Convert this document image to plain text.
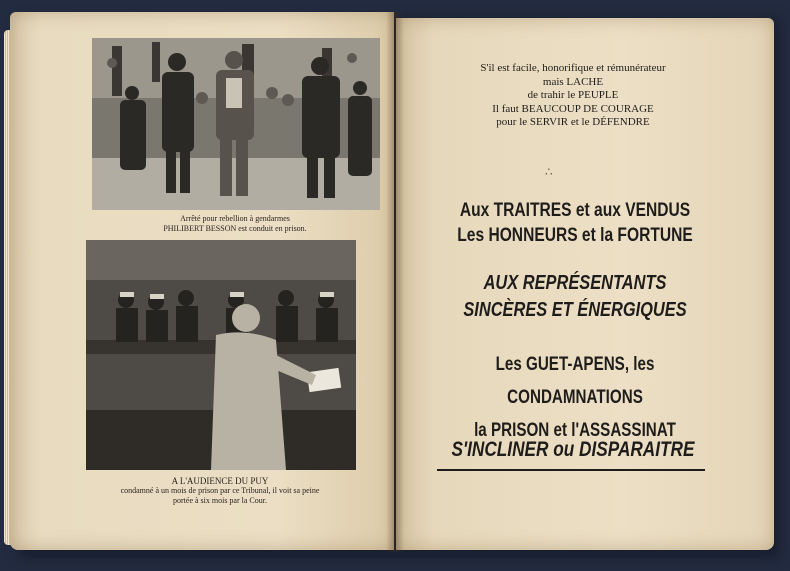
Arrêté pour rebellion à gendarmes
PHILIBERT BESSON est conduit en prison.
A L'AUDIENCE DU PUY
condamné à un mois de prison par ce Tribunal, il voit sa peine
portée à six mois par la Cour.
S'il est facile, honorifique et rémunérateur
mais LACHE
de trahir le PEUPLE
Il faut BEAUCOUP DE COURAGE
pour le SERVIR et le DÉFENDRE
∴
Aux TRAITRES et aux VENDUS
Les HONNEURS et la FORTUNE
AUX REPRÉSENTANTS
SINCÈRES ET ÉNERGIQUES
Les GUET-APENS, les CONDAMNATIONS
la PRISON et l'ASSASSINAT
S'INCLINER ou DISPARAITRE
